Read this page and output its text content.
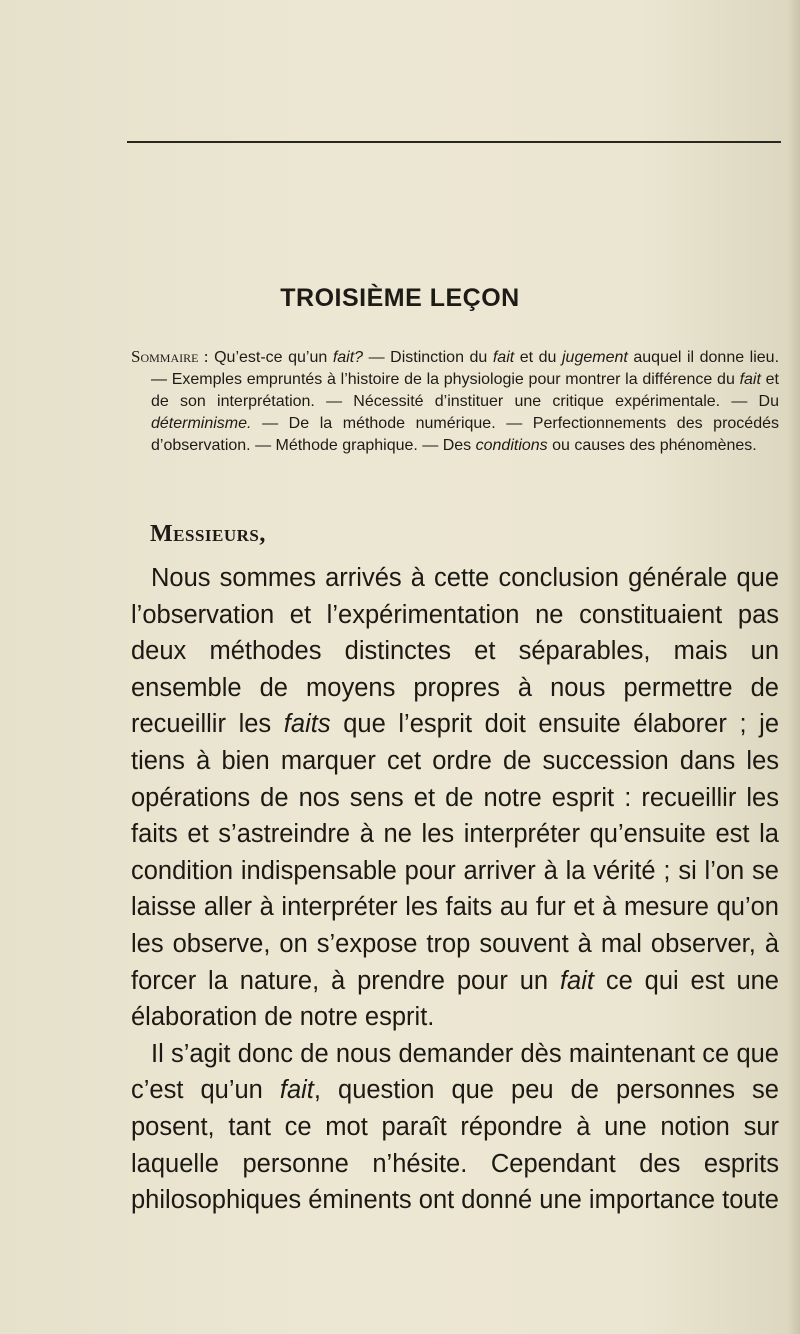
TROISIÈME LEÇON
Sommaire : Qu’est-ce qu’un fait? — Distinction du fait et du jugement auquel il donne lieu. — Exemples empruntés à l’histoire de la physiologie pour montrer la différence du fait et de son interprétation. — Nécessité d’instituer une critique expérimentale. — Du déterminisme. — De la méthode numérique. — Perfectionnements des procédés d’observation. — Méthode graphique. — Des conditions ou causes des phénomènes.
Messieurs,

Nous sommes arrivés à cette conclusion générale que l’observation et l’expérimentation ne constituaient pas deux méthodes distinctes et séparables, mais un ensemble de moyens propres à nous permettre de recueillir les faits que l’esprit doit ensuite élaborer ; je tiens à bien marquer cet ordre de succession dans les opérations de nos sens et de notre esprit : recueillir les faits et s’astreindre à ne les interpréter qu’ensuite est la condition indispensable pour arriver à la vérité ; si l’on se laisse aller à interpréter les faits au fur et à mesure qu’on les observe, on s’expose trop souvent à mal observer, à forcer la nature, à prendre pour un fait ce qui est une élaboration de notre esprit.

Il s’agit donc de nous demander dès maintenant ce que c’est qu’un fait, question que peu de personnes se posent, tant ce mot paraît répondre à une notion sur laquelle personne n’hésite. Cependant des esprits philosophiques éminents ont donné une importance toute
